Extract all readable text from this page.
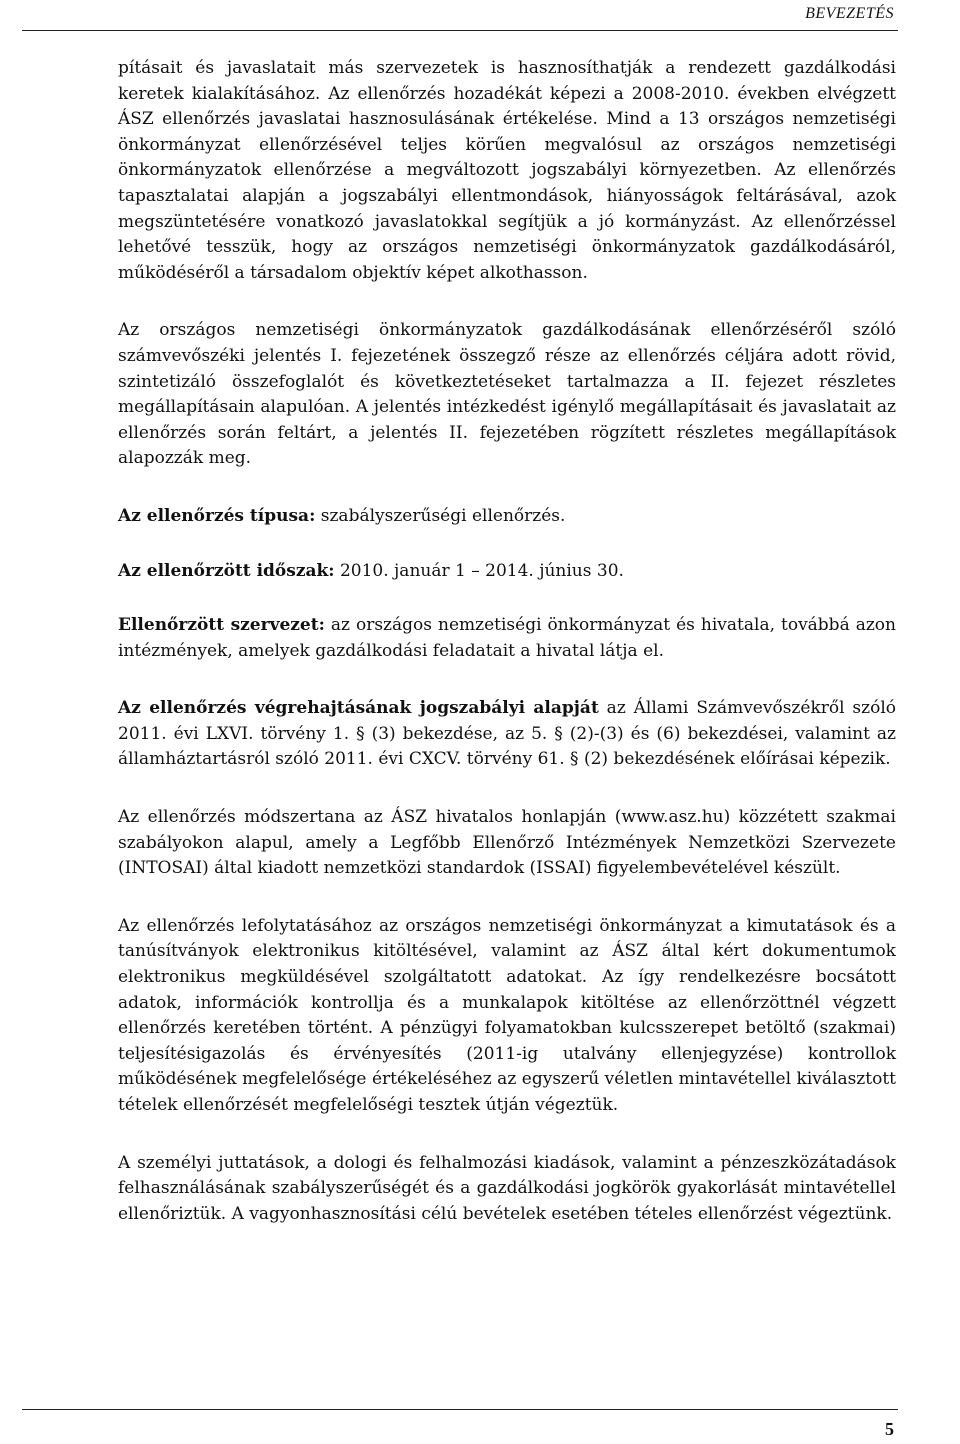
BEVEZETÉS

pításait és javaslatait más szervezetek is hasznosíthatják a rendezett gazdálkodási keretek kialakításához. Az ellenőrzés hozadékát képezi a 2008-2010. években elvégzett ÁSZ ellenőrzés javaslatai hasznosulásának értékelése. Mind a 13 országos nemzetiségi önkormányzat ellenőrzésével teljes körűen megvalósul az országos nemzetiségi önkormányzatok ellenőrzése a megváltozott jogszabályi környezetben. Az ellenőrzés tapasztalatai alapján a jogszabályi ellentmondások, hiányosságok feltárásával, azok megszüntetésére vonatkozó javaslatokkal segítjük a jó kormányzást. Az ellenőrzéssel lehetővé tesszük, hogy az országos nemzetiségi önkormányzatok gazdálkodásáról, működéséről a társadalom objektív képet alkothasson.

Az országos nemzetiségi önkormányzatok gazdálkodásának ellenőrzéséről szóló számvevőszéki jelentés I. fejezetének összegző része az ellenőrzés céljára adott rövid, szintetizáló összefoglalót és következtetéseket tartalmazza a II. fejezet részletes megállapításain alapulóan. A jelentés intézkedést igénylő megállapításait és javaslatait az ellenőrzés során feltárt, a jelentés II. fejezetében rögzített részletes megállapítások alapozzák meg.

Az ellenőrzés típusa: szabályszerűségi ellenőrzés.

Az ellenőrzött időszak: 2010. január 1 – 2014. június 30.

Ellenőrzött szervezet: az országos nemzetiségi önkormányzat és hivatala, továbbá azon intézmények, amelyek gazdálkodási feladatait a hivatal látja el.

Az ellenőrzés végrehajtásának jogszabályi alapját az Állami Számvevőszékről szóló 2011. évi LXVI. törvény 1. § (3) bekezdése, az 5. § (2)-(3) és (6) bekezdései, valamint az államháztartásról szóló 2011. évi CXCV. törvény 61. § (2) bekezdésének előírásai képezik.

Az ellenőrzés módszertana az ÁSZ hivatalos honlapján (www.asz.hu) közzétett szakmai szabályokon alapul, amely a Legfőbb Ellenőrző Intézmények Nemzetközi Szervezete (INTOSAI) által kiadott nemzetközi standardok (ISSAI) figyelembevételével készült.

Az ellenőrzés lefolytatásához az országos nemzetiségi önkormányzat a kimutatások és a tanúsítványok elektronikus kitöltésével, valamint az ÁSZ által kért dokumentumok elektronikus megküldésével szolgáltatott adatokat. Az így rendelkezésre bocsátott adatok, információk kontrollja és a munkalapok kitöltése az ellenőrzöttnél végzett ellenőrzés keretében történt. A pénzügyi folyamatokban kulcsszerepet betöltő (szakmai) teljesítésigazolás és érvényesítés (2011-ig utalvány ellenjegyzése) kontrollok működésének megfelelősége értékeléséhez az egyszerű véletlen mintavétellel kiválasztott tételek ellenőrzését megfelelőségi tesztek útján végeztük.

A személyi juttatások, a dologi és felhalmozási kiadások, valamint a pénzeszközátadások felhasználásának szabályszerűségét és a gazdálkodási jogkörök gyakorlását mintavétellel ellenőriztük. A vagyonhasznosítási célú bevételek esetében tételes ellenőrzést végeztünk.

5
